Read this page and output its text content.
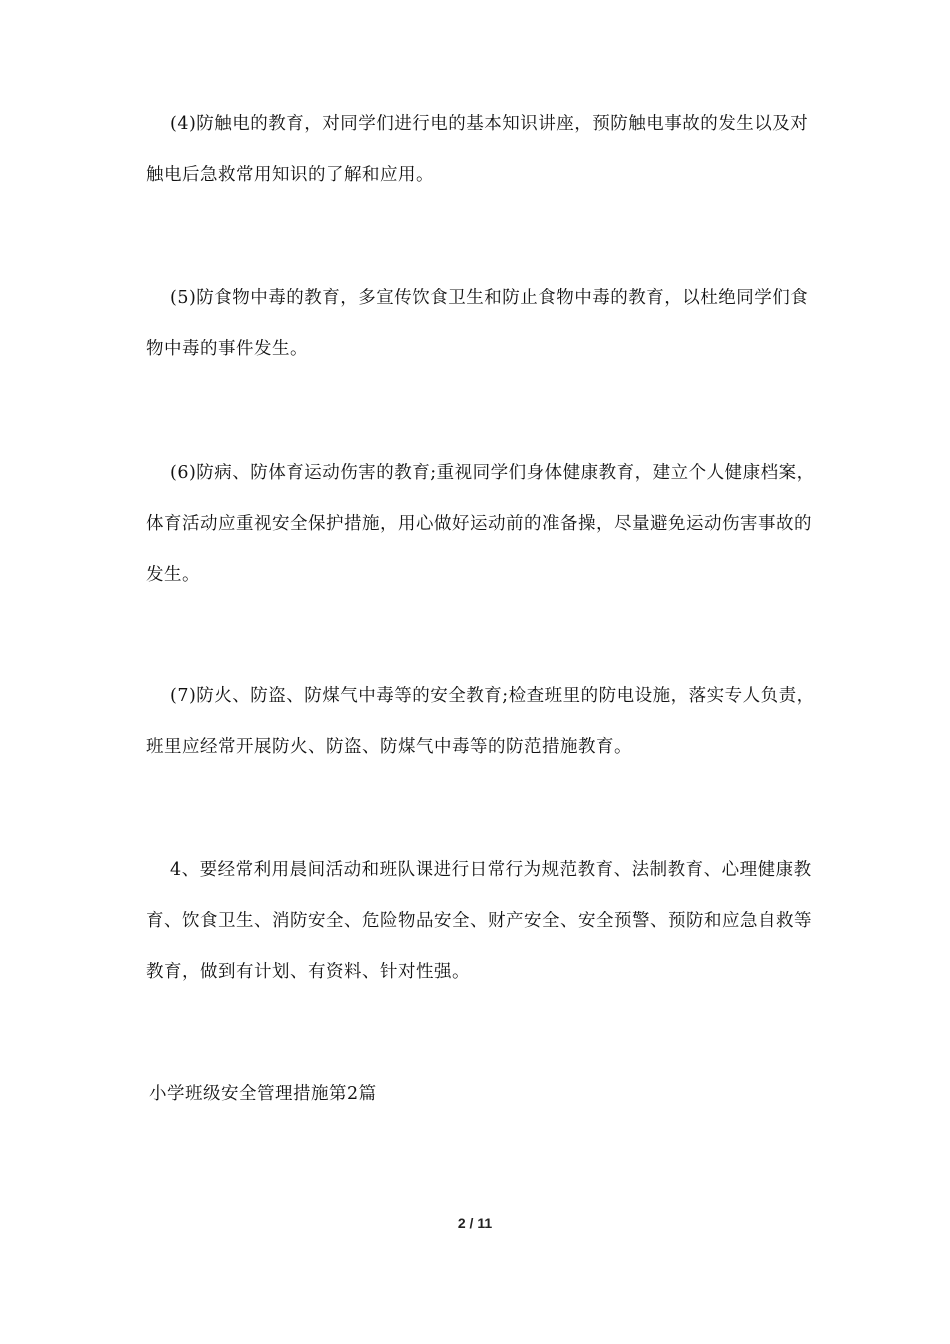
(4)防触电的教育，对同学们进行电的基本知识讲座，预防触电事故的发生以及对触电后急救常用知识的了解和应用。

(5)防食物中毒的教育，多宣传饮食卫生和防止食物中毒的教育，以杜绝同学们食物中毒的事件发生。

(6)防病、防体育运动伤害的教育;重视同学们身体健康教育，建立个人健康档案，体育活动应重视安全保护措施，用心做好运动前的准备操，尽量避免运动伤害事故的发生。

(7)防火、防盗、防煤气中毒等的安全教育;检查班里的防电设施，落实专人负责，班里应经常开展防火、防盗、防煤气中毒等的防范措施教育。

4、要经常利用晨间活动和班队课进行日常行为规范教育、法制教育、心理健康教育、饮食卫生、消防安全、危险物品安全、财产安全、安全预警、预防和应急自救等教育，做到有计划、有资料、针对性强。

小学班级安全管理措施第2篇

2 / 11
